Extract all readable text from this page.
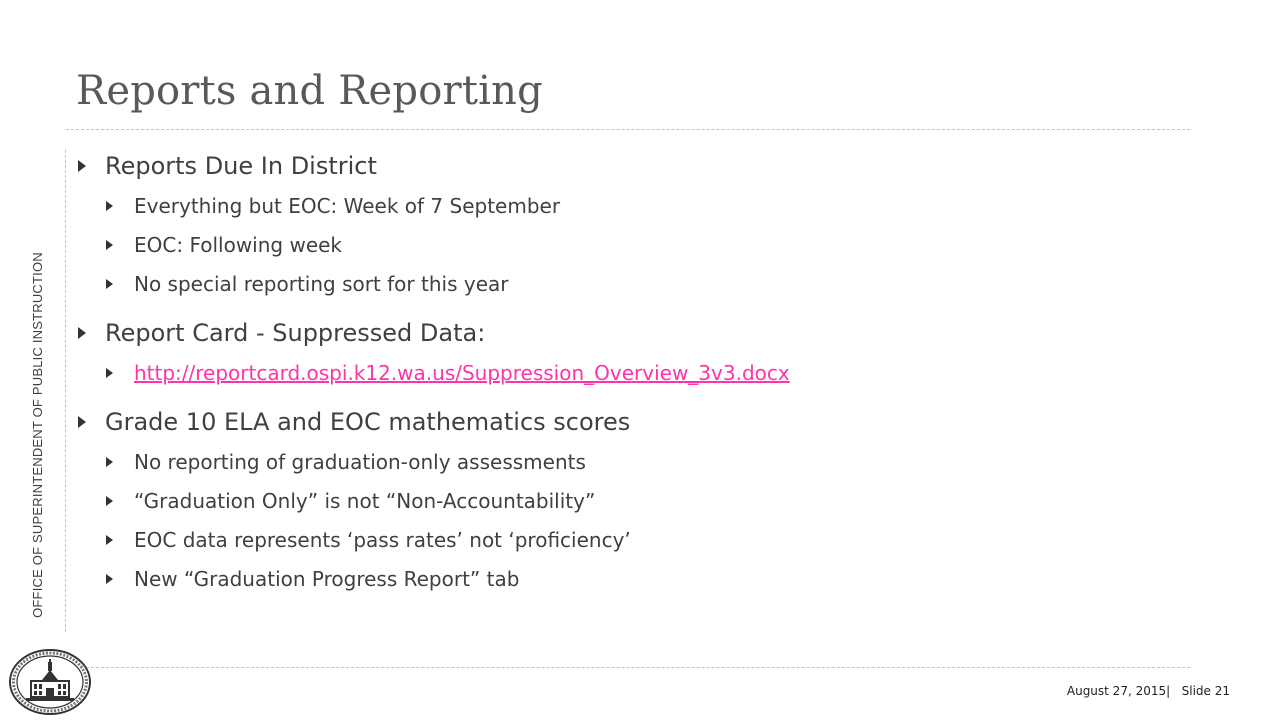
Reports and Reporting
OFFICE OF SUPERINTENDENT OF PUBLIC INSTRUCTION
Reports Due In District
Everything but EOC: Week of 7 September
EOC: Following week
No special reporting sort for this year
Report Card - Suppressed Data:
http://reportcard.ospi.k12.wa.us/Suppression_Overview_3v3.docx
Grade 10 ELA and EOC mathematics scores
No reporting of graduation-only assessments
“Graduation Only” is not “Non-Accountability”
EOC data represents ‘pass rates’ not ‘proficiency’
New “Graduation Progress Report” tab
August 27, 2015|   Slide 21
